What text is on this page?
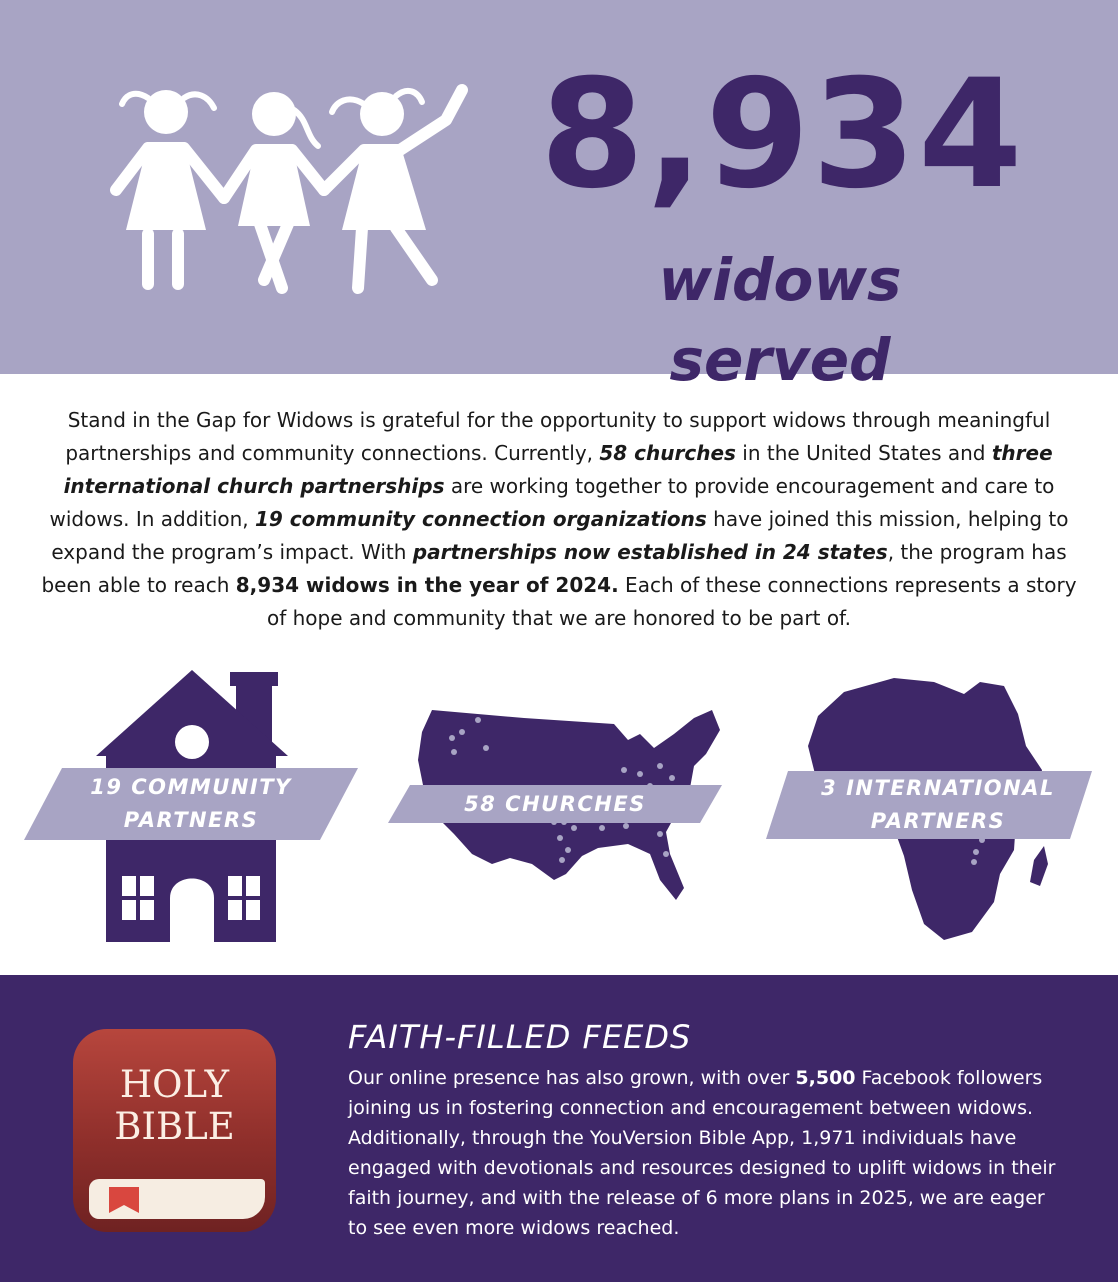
8,934
widows served
Stand in the Gap for Widows is grateful for the opportunity to support widows through meaningful partnerships and community connections. Currently, 58 churches in the United States and three international church partnerships are working together to provide encouragement and care to widows. In addition, 19 community connection organizations have joined this mission, helping to expand the program’s impact. With partnerships now established in 24 states, the program has been able to reach 8,934 widows in the year of 2024. Each of these connections represents a story of hope and community that we are honored to be part of.
19 COMMUNITY
PARTNERS
58 CHURCHES
3 INTERNATIONAL
PARTNERS
HOLY
BIBLE
FAITH-FILLED FEEDS
Our online presence has also grown, with over 5,500 Facebook followers joining us in fostering connection and encouragement between widows. Additionally, through the YouVersion Bible App, 1,971 individuals have engaged with devotionals and resources designed to uplift widows in their faith journey, and with the release of 6 more plans in 2025, we are eager to see even more widows reached.
